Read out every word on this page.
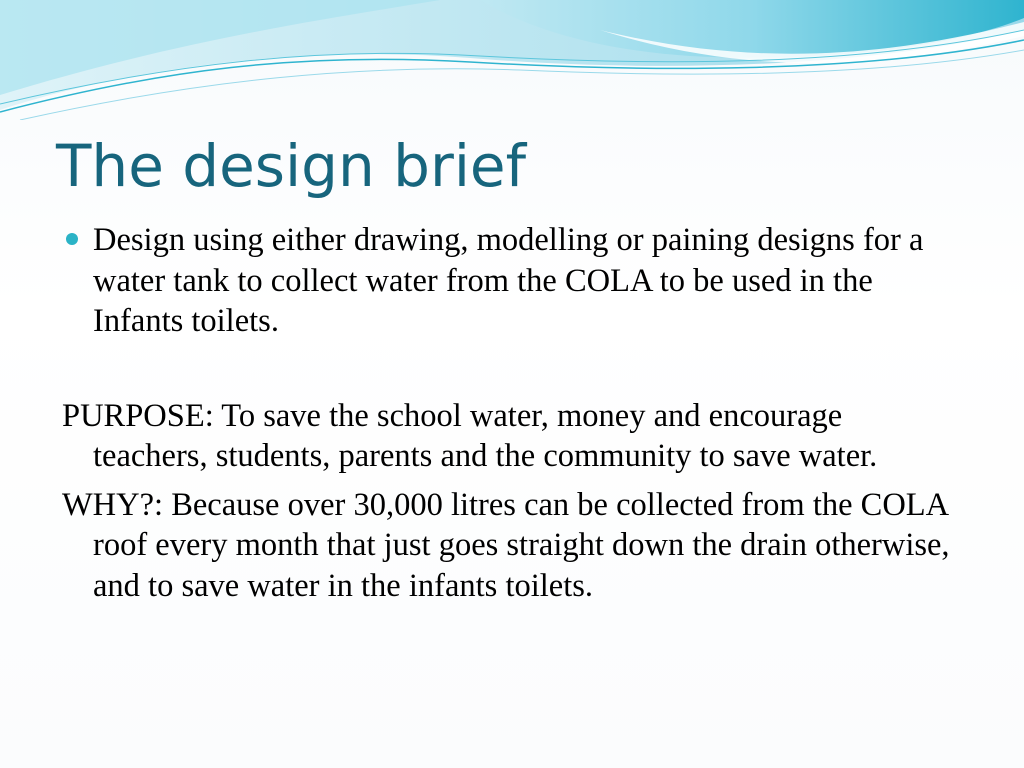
The design brief

Design using either drawing, modelling or paining designs for a water tank to collect water from the COLA to be used in the Infants toilets.

PURPOSE: To save the school water, money and encourage teachers, students, parents and the community to save water.

WHY?: Because over 30,000 litres can be collected from the COLA roof every month that just goes straight down the drain otherwise, and to save water in the infants toilets.
